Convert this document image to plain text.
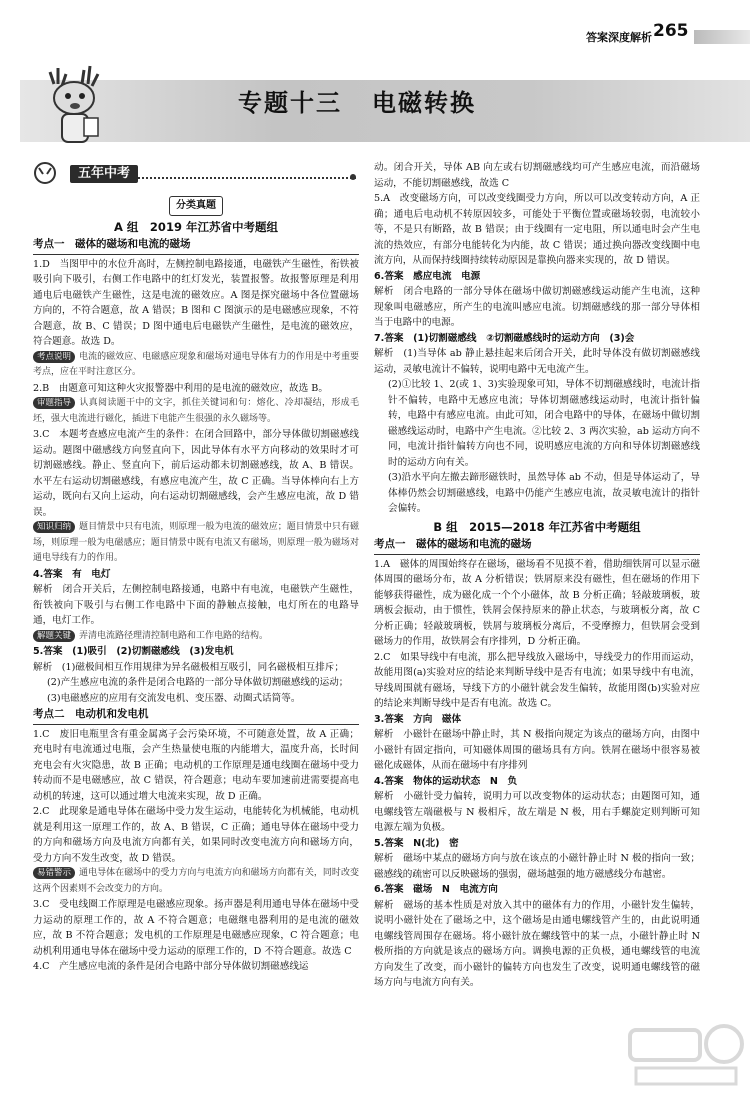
答案深度解析 265
专题十三 电磁转换
五年中考
分类真题
A 组　2019 年江苏省中考题组
考点一　磁体的磁场和电流的磁场

1.D　当图甲中的水位升高时，左侧控制电路接通，电磁铁产生磁性，衔铁被吸引向下吸引，右侧工作电路中的红灯发光，装置报警。故报警原理是利用通电后电磁铁产生磁性，这是电流的磁效应。A 图是探究磁场中各位置磁场方向的，不符合题意，故 A 错误；B 图和 C 图演示的是电磁感应现象，不符合题意，故 B、C 错误；D 图中通电后电磁铁产生磁性，是电流的磁效应，符合题意。故选 D。

考点说明 电流的磁效应、电磁感应现象和磁场对通电导体有力的作用是中考重要考点，应在平时注意区分。

2.B　由题意可知这种火灾报警器中利用的是电流的磁效应，故选 B。

审题指导 认真阅读题干中的文字，抓住关键词和句：熔化、冷却凝结，形成毛坯，强大电流进行磁化，插进下电能产生很强的永久磁场等。

3.C　本题考查感应电流产生的条件：在闭合回路中，部分导体做切割磁感线运动。题图中磁感线方向竖直向下，因此导体有水平方向移动的效果时才可切割磁感线。静止、竖直向下，前后运动都未切割磁感线，故 A、B 错误。水平左右运动切割磁感线，有感应电流产生，故 C 正确。当导体棒向右上方运动，既向右又向上运动，向右运动切割磁感线，会产生感应电流，故 D 错误。

知识归纳 题目情景中只有电流，则原理一般为电流的磁效应；题目情景中只有磁场，则原理一般为电磁感应；题目情景中既有电流又有磁场，则原理一般为磁场对通电导线有力的作用。

4.答案　有　电灯

解析　闭合开关后，左侧控制电路接通，电路中有电流，电磁铁产生磁性，衔铁被向下吸引与右侧工作电路中下面的静触点接触，电灯所在的电路导通，电灯工作。

解题关键 弄清电流路径理清控制电路和工作电路的结构。

5.答案　(1)吸引　(2)切割磁感线　(3)发电机

解析　(1)磁极间相互作用规律为异名磁极相互吸引，同名磁极相互排斥；

(2)产生感应电流的条件是闭合电路的一部分导体做切割磁感线的运动；

(3)电磁感应的应用有交流发电机、变压器、动圈式话筒等。

考点二　电动机和发电机

1.C　废旧电瓶里含有重金属离子会污染环境，不可随意处置，故 A 正确；充电时有电流通过电瓶，会产生热量使电瓶的内能增大，温度升高，长时间充电会有火灾隐患，故 B 正确；电动机的工作原理是通电线圈在磁场中受力转动而不是电磁感应，故 C 错误，符合题意；电动车要加速前进需要提高电动机的转速，这可以通过增大电流来实现，故 D 正确。

2.C　此现象是通电导体在磁场中受力发生运动，电能转化为机械能，电动机就是利用这一原理工作的，故 A、B 错误，C 正确；通电导体在磁场中受力的方向和磁场方向及电流方向都有关，如果同时改变电流方向和磁场方向，受力方向不发生改变，故 D 错误。

易错警示 通电导体在磁场中的受力方向与电流方向和磁场方向都有关，同时改变这两个因素则不会改变力的方向。

3.C　受电线圈工作原理是电磁感应现象。扬声器是利用通电导体在磁场中受力运动的原理工作的，故 A 不符合题意；电磁继电器利用的是电流的磁效应，故 B 不符合题意；发电机的工作原理是电磁感应现象，C 符合题意；电动机利用通电导体在磁场中受力运动的原理工作的，D 不符合题意。故选 C

4.C　产生感应电流的条件是闭合电路中部分导体做切割磁感线运

动。闭合开关，导体 AB 向左或右切割磁感线均可产生感应电流，而沿磁场运动，不能切割磁感线，故选 C

5.A　改变磁场方向，可以改变线圈受力方向，所以可以改变转动方向，A 正确；通电后电动机不转原因较多，可能处于平衡位置或磁场较弱，电流较小等，不是只有断路，故 B 错误；由于线圈有一定电阻，所以通电时会产生电流的热效应，有部分电能转化为内能，故 C 错误；通过换向器改变线圈中电流方向，从而保持线圈持续转动原因是靠换向器来实现的，故 D 错误。

6.答案　感应电流　电源

解析　闭合电路的一部分导体在磁场中做切割磁感线运动能产生电流，这种现象叫电磁感应，所产生的电流叫感应电流。切割磁感线的那一部分导体相当于电路中的电源。

7.答案　(1)切割磁感线　②切割磁感线时的运动方向　(3)会

解析　(1)当导体 ab 静止悬挂起来后闭合开关，此时导体没有做切割磁感线运动，灵敏电流计不偏转，说明电路中无电流产生。

(2)①比较 1、2(或 1、3)实验现象可知，导体不切割磁感线时，电流计指针不偏转，电路中无感应电流；导体切割磁感线运动时，电流计指针偏转，电路中有感应电流。由此可知，闭合电路中的导体，在磁场中做切割磁感线运动时，电路中产生电流。②比较 2、3 两次实验，ab 运动方向不同，电流计指针偏转方向也不同，说明感应电流的方向和导体切割磁感线时的运动方向有关。

(3)沿水平向左撤去蹄形磁铁时，虽然导体 ab 不动，但是导体运动了，导体棒仍然会切割磁感线，电路中仍能产生感应电流，故灵敏电流计的指针会偏转。

B 组　2015—2018 年江苏省中考题组
考点一　磁体的磁场和电流的磁场

1.A　磁体的周围始终存在磁场，磁场看不见摸不着，借助细铁屑可以显示磁体周围的磁场分布，故 A 分析错误；铁屑原来没有磁性，但在磁场的作用下能够获得磁性，成为磁化成一个个小磁体，故 B 分析正确；轻敲玻璃板，玻璃板会振动，由于惯性，铁屑会保持原来的静止状态，与玻璃板分离，故 C 分析正确；轻敲玻璃板，铁屑与玻璃板分离后，不受摩擦力，但铁屑会受到磁场力的作用，故铁屑会有序排列，D 分析正确。

2.C　如果导线中有电流，那么把导线放入磁场中，导线受力的作用而运动，故能用图(a)实验对应的结论来判断导线中是否有电流；如果导线中有电流，导线周围就有磁场，导线下方的小磁针就会发生偏转，故能用图(b)实验对应的结论来判断导线中是否有电流。故选 C。

3.答案　方向　磁体

解析　小磁针在磁场中静止时，其 N 极指向规定为该点的磁场方向，由图中小磁针有固定指向，可知磁体周围的磁场具有方向。铁屑在磁场中很容易被磁化成磁体，从而在磁场中有序排列

4.答案　物体的运动状态　N　负

解析　小磁针受力偏转，说明力可以改变物体的运动状态；由题图可知，通电螺线管左端磁极与 N 极相斥，故左端是 N 极，用右手螺旋定则判断可知电源左端为负极。

5.答案　N(北)　密

解析　磁场中某点的磁场方向与放在该点的小磁针静止时 N 极的指向一致；磁感线的疏密可以反映磁场的强弱，磁场越强的地方磁感线分布越密。

6.答案　磁场　N　电流方向

解析　磁场的基本性质是对放入其中的磁体有力的作用，小磁针发生偏转，说明小磁针处在了磁场之中，这个磁场是由通电螺线管产生的，由此说明通电螺线管周围存在磁场。将小磁针放在螺线管中的某一点，小磁针静止时 N 极所指的方向就是该点的磁场方向。调换电源的正负极，通电螺线管的电流方向发生了改变，而小磁针的偏转方向也发生了改变，说明通电螺线管的磁场方向与电流方向有关。
